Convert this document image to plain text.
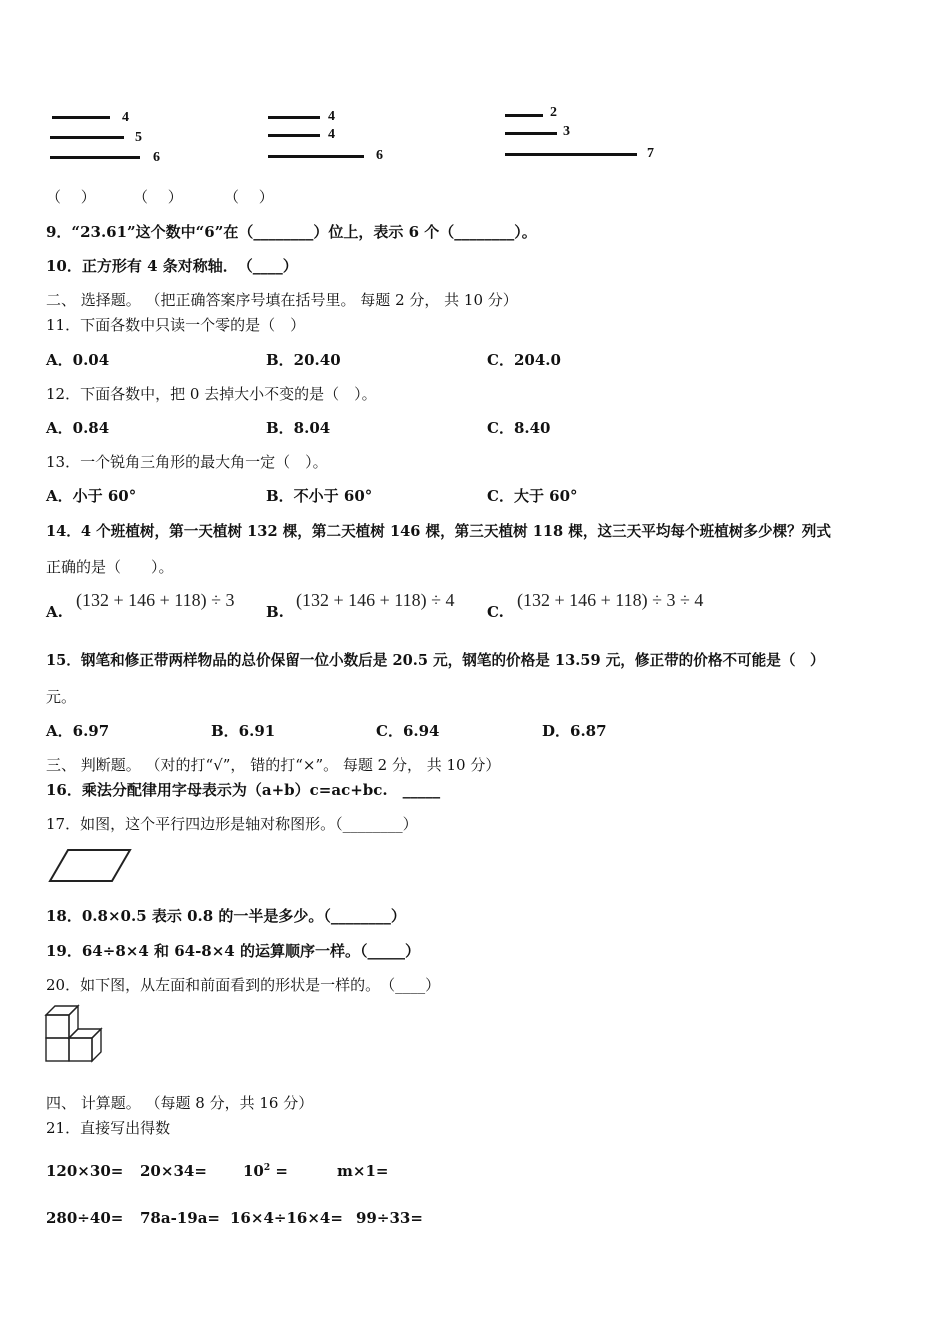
4
5
6
4
4
6
2
3
7
（　 ） （　 ）	（　 ）
9．“23.61”这个数中“6”在（________）位上，表示 6 个（________）。
10．正方形有 4 条对称轴．　（____）
二、 选择题。 （把正确答案序号填在括号里。 每题 2 分， 共 10 分）
11．下面各数中只读一个零的是（　）
A．0.04	B．20.40	C．204.0
12．下面各数中，把 0 去掉大小不变的是（　）。
A．0.84	B．8.04	C．8.40
13．一个锐角三角形的最大角一定（　）。
A．小于 60°	B．不小于 60°	C．大于 60°
14．4 个班植树，第一天植树 132 棵，第二天植树 146 棵，第三天植树 118 棵，这三天平均每个班植树多少棵？列式
正确的是（　　）。
A.
(132 + 146 + 118) ÷ 3
B.
(132 + 146 + 118) ÷ 4
C.
(132 + 146 + 118) ÷ 3 ÷ 4
15．钢笔和修正带两样物品的总价保留一位小数后是 20.5 元，钢笔的价格是 13.59 元，修正带的价格不可能是（　）
元。
A．6.97	B．6.91	C．6.94	D．6.87
三、 判断题。 （对的打“√”， 错的打“×”。 每题 2 分， 共 10 分）
16．乘法分配律用字母表示为（a+b）c=ac+bc.　_____
17．如图，这个平行四边形是轴对称图形。（________）
18．0.8×0.5 表示 0.8 的一半是多少。（________）
19．64÷8×4 和 64-8×4 的运算顺序一样。（_____）
20．如下图，从左面和前面看到的形状是一样的。　（____）
四、 计算题。 （每题 8 分，共 16 分）
21．直接写出得数
$120\times 30= 20\times 34= 10^2$ =	m×1=
280÷40= 78a-19a= 16×4÷16×4= 99÷33=
